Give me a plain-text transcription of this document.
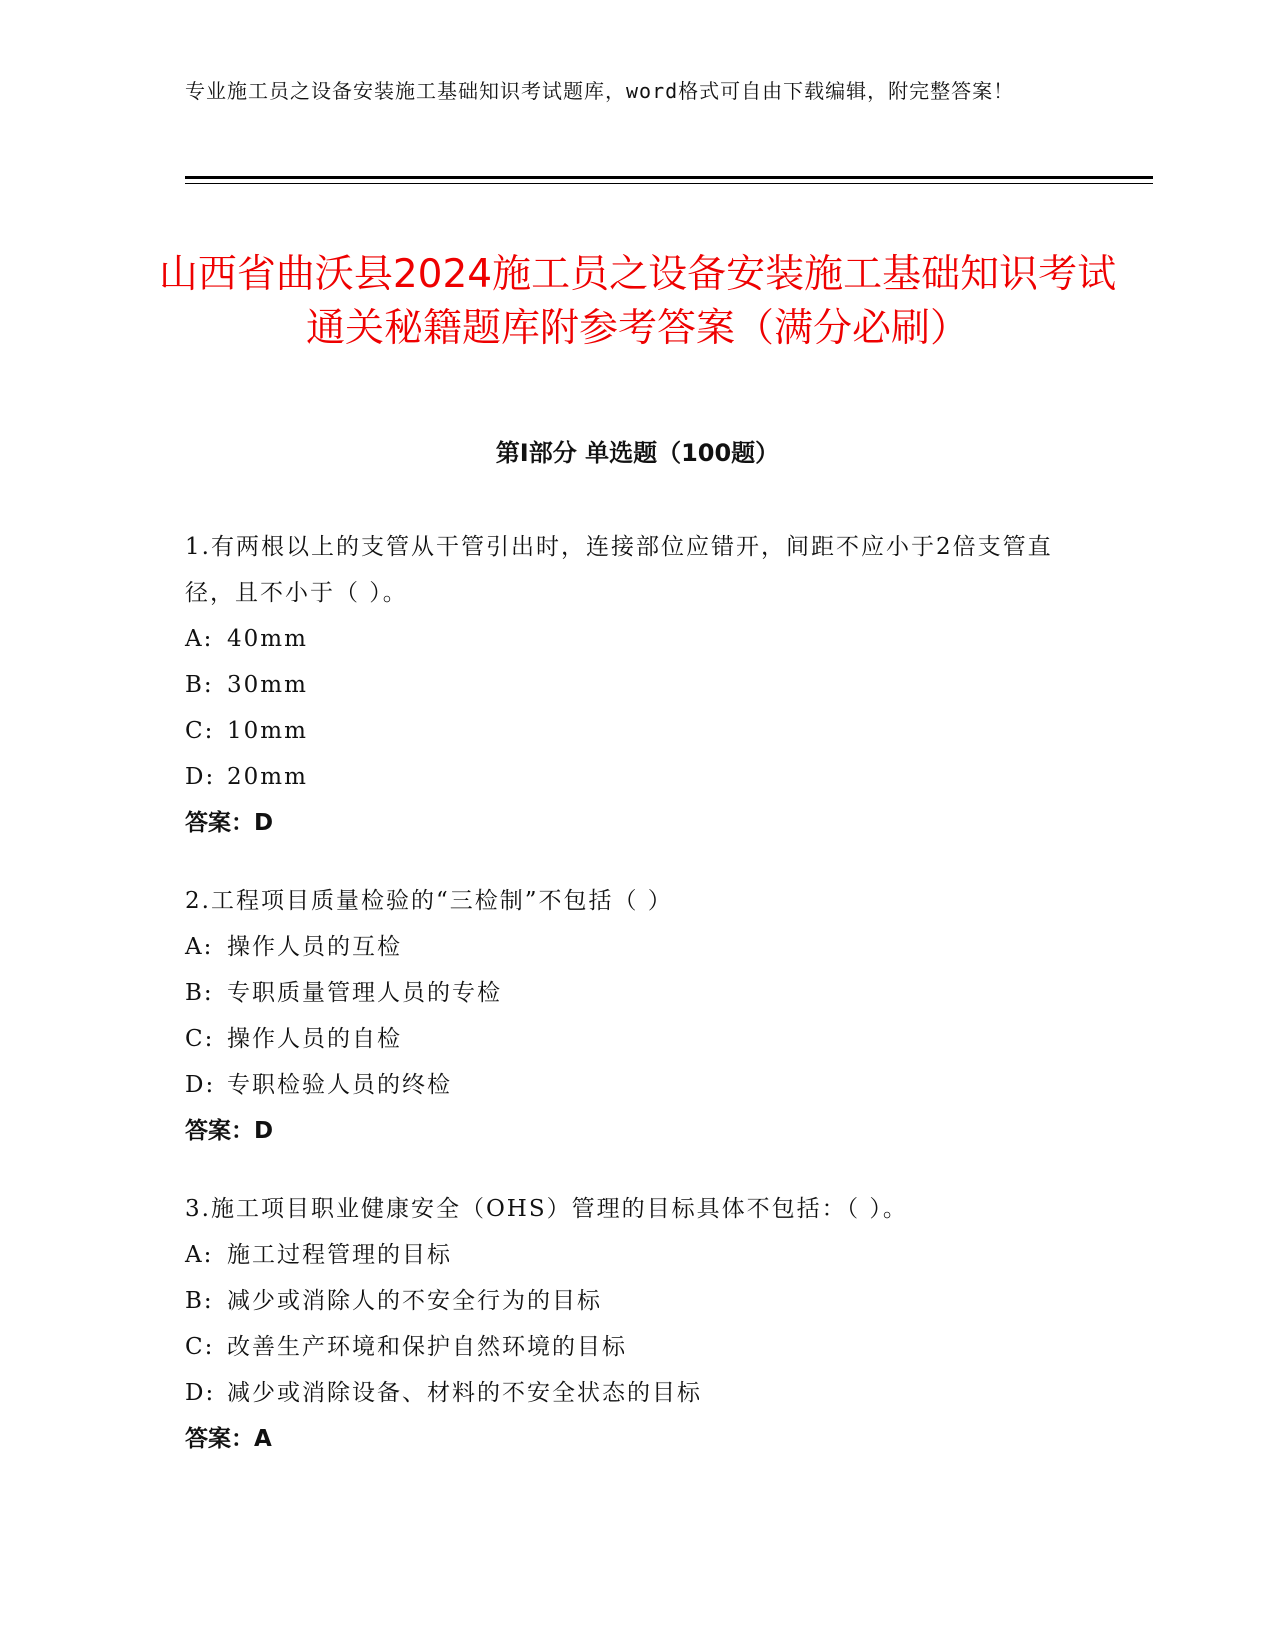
专业施工员之设备安装施工基础知识考试题库，word格式可自由下载编辑，附完整答案！
山西省曲沃县2024施工员之设备安装施工基础知识考试通关秘籍题库附参考答案（满分必刷）
第I部分 单选题（100题）
1.有两根以上的支管从干管引出时，连接部位应错开，间距不应小于2倍支管直径，且不小于（ ）。
A: 40mm
B: 30mm
C: 10mm
D: 20mm
答案：D
2.工程项目质量检验的“三检制”不包括（ ）
A: 操作人员的互检
B: 专职质量管理人员的专检
C: 操作人员的自检
D: 专职检验人员的终检
答案：D
3.施工项目职业健康安全（OHS）管理的目标具体不包括：（ ）。
A: 施工过程管理的目标
B: 减少或消除人的不安全行为的目标
C: 改善生产环境和保护自然环境的目标
D: 减少或消除设备、材料的不安全状态的目标
答案：A
